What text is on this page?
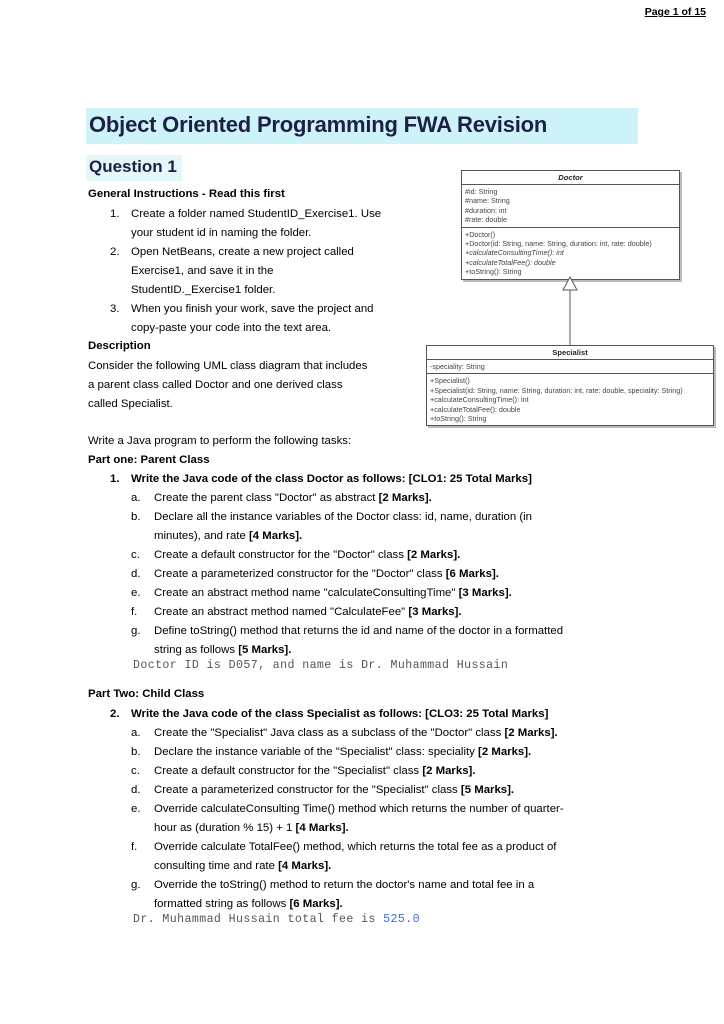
Page 1 of 15
Object Oriented Programming FWA Revision
Question 1
General Instructions - Read this first
1. Create a folder named StudentID_Exercise1. Use
your student id in naming the folder.
2. Open NetBeans, create a new project called
Exercise1, and save it in the
StudentID._Exercise1 folder.
3. When you finish your work, save the project and
copy-paste your code into the text area.
Description
Consider the following UML class diagram that includes
a parent class called Doctor and one derived class
called Specialist.
Doctor
#id: String
#name: String
#duration: int
#rate: double
+Doctor()
+Doctor(id: String, name: String, duration: int, rate: double)
+calculateConsultingTime(): int
+calculateTotalFee(): double
+toString(): String
Specialist
-speciality: String
+Specialist()
+Specialist(id: String, name: String, duration: int, rate: double, speciality: String)
+calculateConsultingTime(): int
+calculateTotalFee(): double
+toString(): String
Write a Java program to perform the following tasks:
Part one: Parent Class
1. Write the Java code of the class Doctor as follows: [CLO1: 25 Total Marks]
a. Create the parent class "Doctor" as abstract [2 Marks].
b. Declare all the instance variables of the Doctor class: id, name, duration (in
minutes), and rate [4 Marks].
c. Create a default constructor for the "Doctor" class [2 Marks].
d. Create a parameterized constructor for the "Doctor" class [6 Marks].
e. Create an abstract method name "calculateConsultingTime" [3 Marks].
f. Create an abstract method named "CalculateFee" [3 Marks].
g. Define toString() method that returns the id and name of the doctor in a formatted
string as follows [5 Marks].
Doctor ID is D057, and name is Dr. Muhammad Hussain
Part Two: Child Class
2. Write the Java code of the class Specialist as follows: [CLO3: 25 Total Marks]
a. Create the "Specialist" Java class as a subclass of the "Doctor" class [2 Marks].
b. Declare the instance variable of the "Specialist" class: speciality [2 Marks].
c. Create a default constructor for the "Specialist" class [2 Marks].
d. Create a parameterized constructor for the "Specialist" class [5 Marks].
e. Override calculateConsulting Time() method which returns the number of quarter-
hour as (duration % 15) + 1 [4 Marks].
f. Override calculate TotalFee() method, which returns the total fee as a product of
consulting time and rate [4 Marks].
g. Override the toString() method to return the doctor's name and total fee in a
formatted string as follows [6 Marks].
Dr. Muhammad Hussain total fee is 525.0
